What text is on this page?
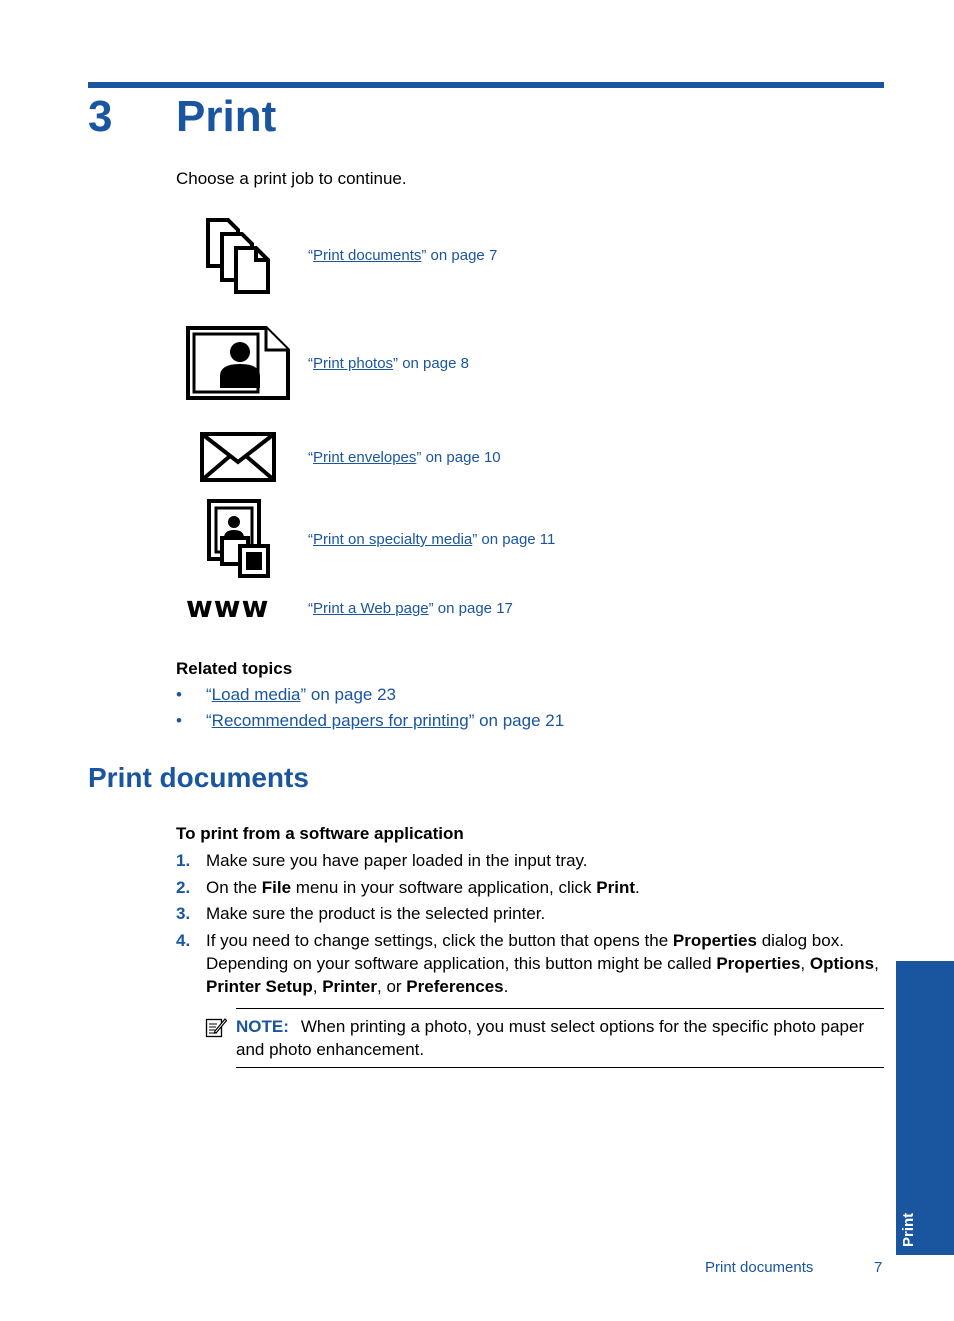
3 Print
Choose a print job to continue.
“Print documents” on page 7
“Print photos” on page 8
“Print envelopes” on page 10
“Print on specialty media” on page 11
www	“Print a Web page” on page 17
Related topics
• “Load media” on page 23
• “Recommended papers for printing” on page 21
Print documents
To print from a software application
1. Make sure you have paper loaded in the input tray.
2. On the File menu in your software application, click Print.
3. Make sure the product is the selected printer.
4. If you need to change settings, click the button that opens the Properties dialog box. Depending on your software application, this button might be called Properties, Options, Printer Setup, Printer, or Preferences.
NOTE: When printing a photo, you must select options for the specific photo paper and photo enhancement.
Print
Print documents	7
